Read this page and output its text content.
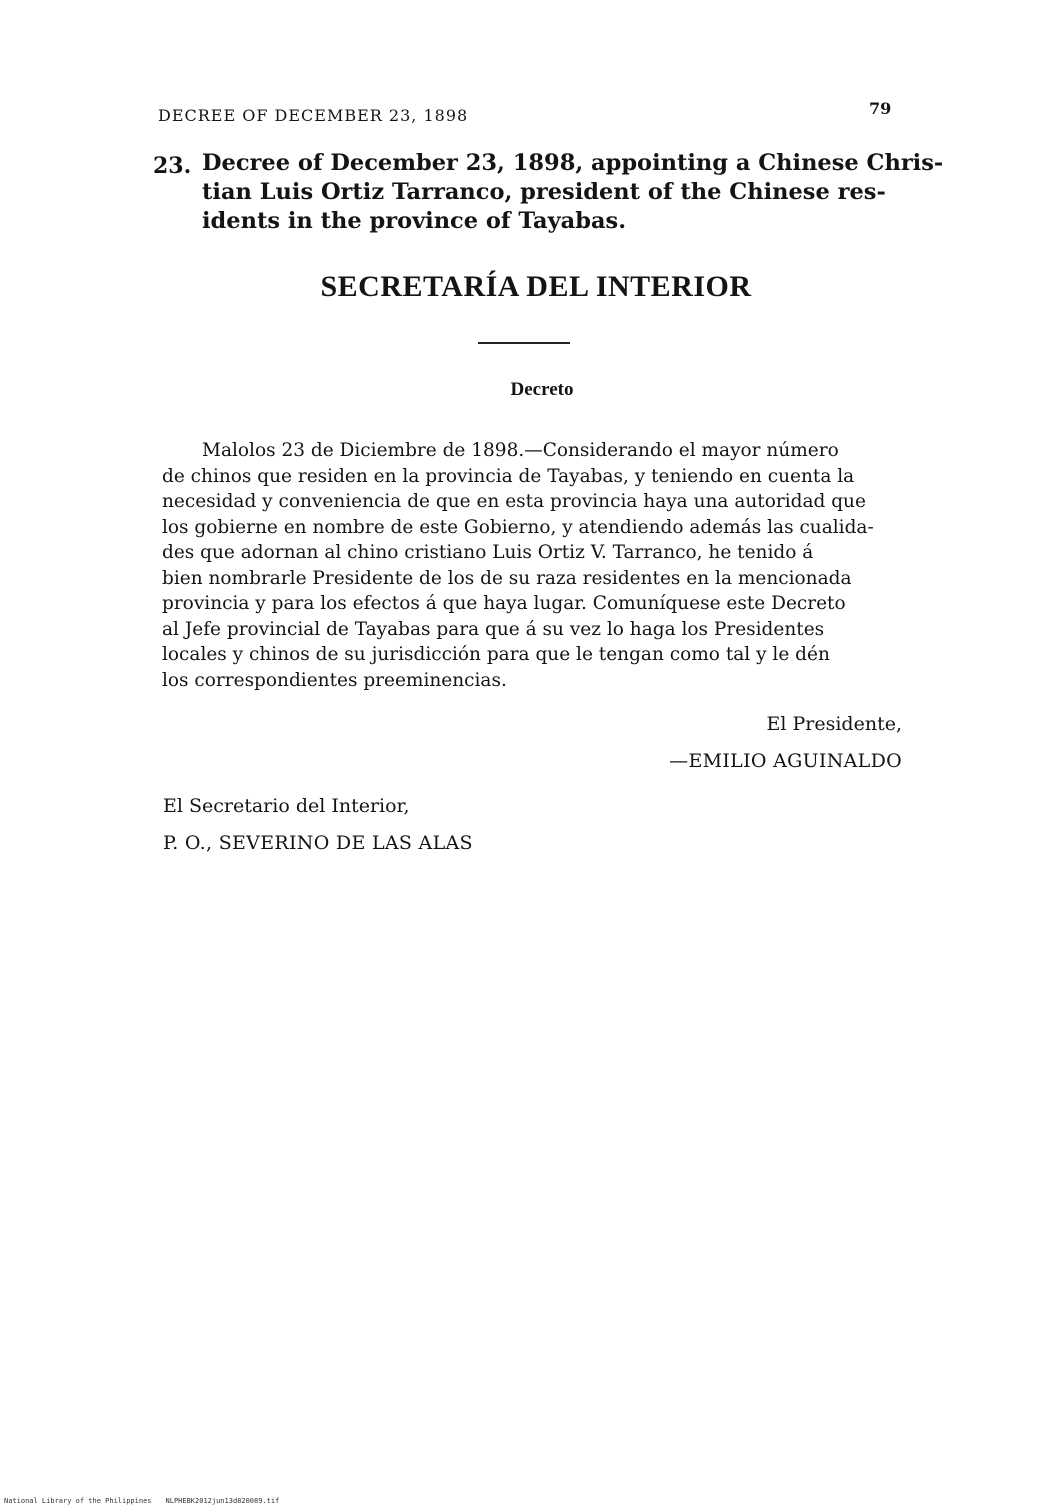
DECREE OF DECEMBER 23, 1898	79
23. Decree of December 23, 1898, appointing a Chinese Chris-
tian Luis Ortiz Tarranco, president of the Chinese res-
idents in the province of Tayabas.
SECRETARÍA DEL INTERIOR
Decreto

Malolos 23 de Diciembre de 1898.—Considerando el mayor número
de chinos que residen en la provincia de Tayabas, y teniendo en cuenta la
necesidad y conveniencia de que en esta provincia haya una autoridad que
los gobierne en nombre de este Gobierno, y atendiendo además las cualida-
des que adornan al chino cristiano Luis Ortiz V. Tarranco, he tenido á
bien nombrarle Presidente de los de su raza residentes en la mencionada
provincia y para los efectos á que haya lugar. Comuníquese este Decreto
al Jefe provincial de Tayabas para que á su vez lo haga los Presidentes
locales y chinos de su jurisdicción para que le tengan como tal y le dén
los correspondientes preeminencias.

El Presidente,
—EMILIO AGUINALDO
El Secretario del Interior,
P. O., SEVERINO DE LAS ALAS
National Library of the Philippines NLPHEBK2012jun13d820089.tif
